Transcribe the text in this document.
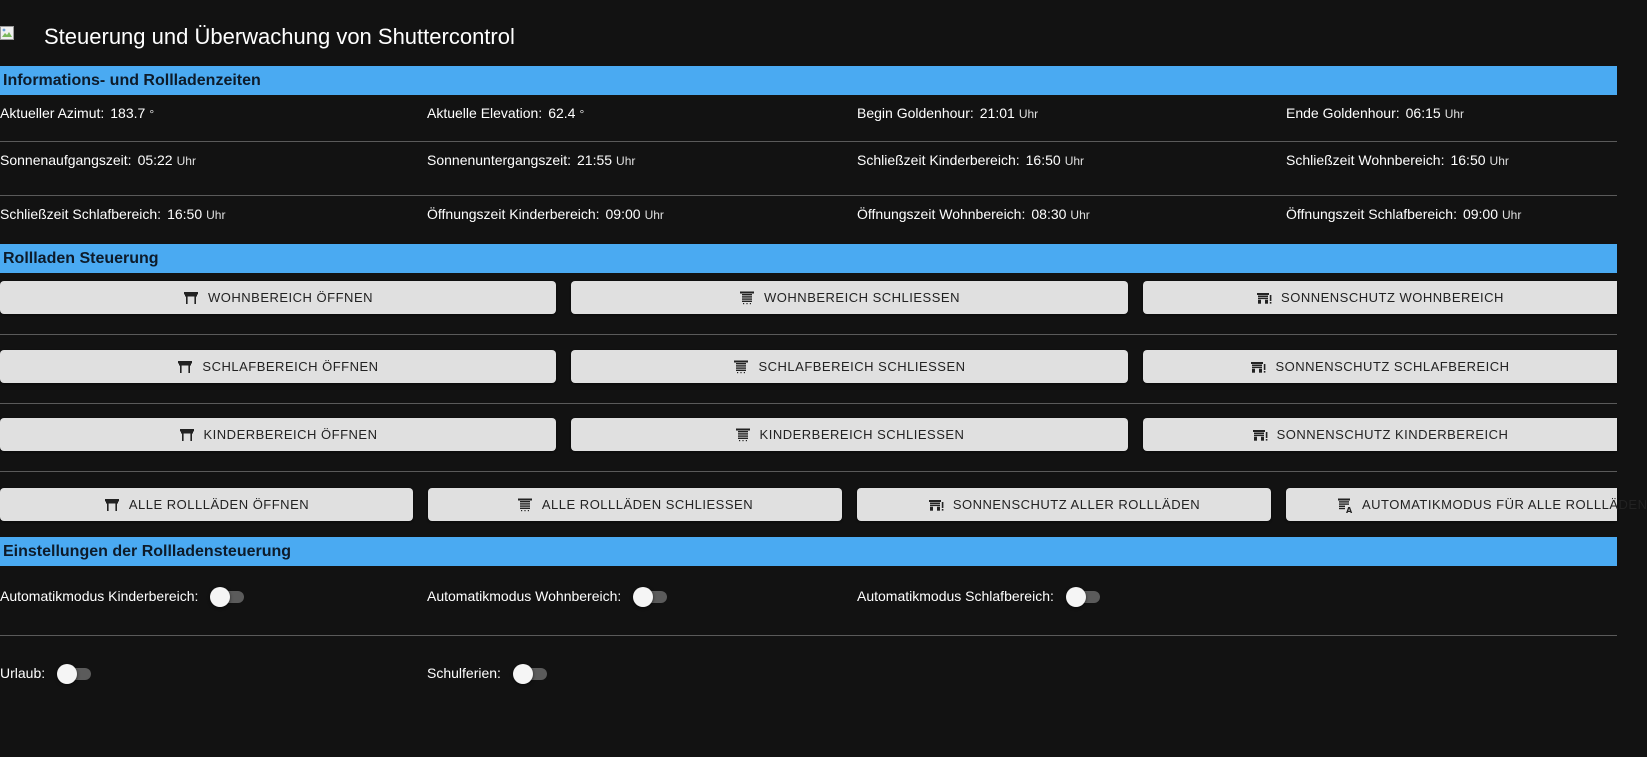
Steuerung und Überwachung von Shuttercontrol
Informations- und Rollladenzeiten
Aktueller Azimut: 183.7 °	Aktuelle Elevation: 62.4 °	Begin Goldenhour: 21:01 Uhr	Ende Goldenhour: 06:15 Uhr
Sonnenaufgangszeit: 05:22 Uhr	Sonnenuntergangszeit: 21:55 Uhr	Schließzeit Kinderbereich: 16:50 Uhr	Schließzeit Wohnbereich: 16:50 Uhr
Schließzeit Schlafbereich: 16:50 Uhr	Öffnungszeit Kinderbereich: 09:00 Uhr	Öffnungszeit Wohnbereich: 08:30 Uhr	Öffnungszeit Schlafbereich: 09:00 Uhr
Rollladen Steuerung
WOHNBEREICH ÖFFNEN	WOHNBEREICH SCHLIESSEN	SONNENSCHUTZ WOHNBEREICH
SCHLAFBEREICH ÖFFNEN	SCHLAFBEREICH SCHLIESSEN	SONNENSCHUTZ SCHLAFBEREICH
KINDERBEREICH ÖFFNEN	KINDERBEREICH SCHLIESSEN	SONNENSCHUTZ KINDERBEREICH
ALLE ROLLLÄDEN ÖFFNEN	ALLE ROLLLÄDEN SCHLIESSEN	SONNENSCHUTZ ALLER ROLLLÄDEN	AUTOMATIKMODUS FÜR ALLE ROLLLÄDEN
Einstellungen der Rollladensteuerung
Automatikmodus Kinderbereich:	Automatikmodus Wohnbereich:	Automatikmodus Schlafbereich:
Urlaub:	Schulferien:
